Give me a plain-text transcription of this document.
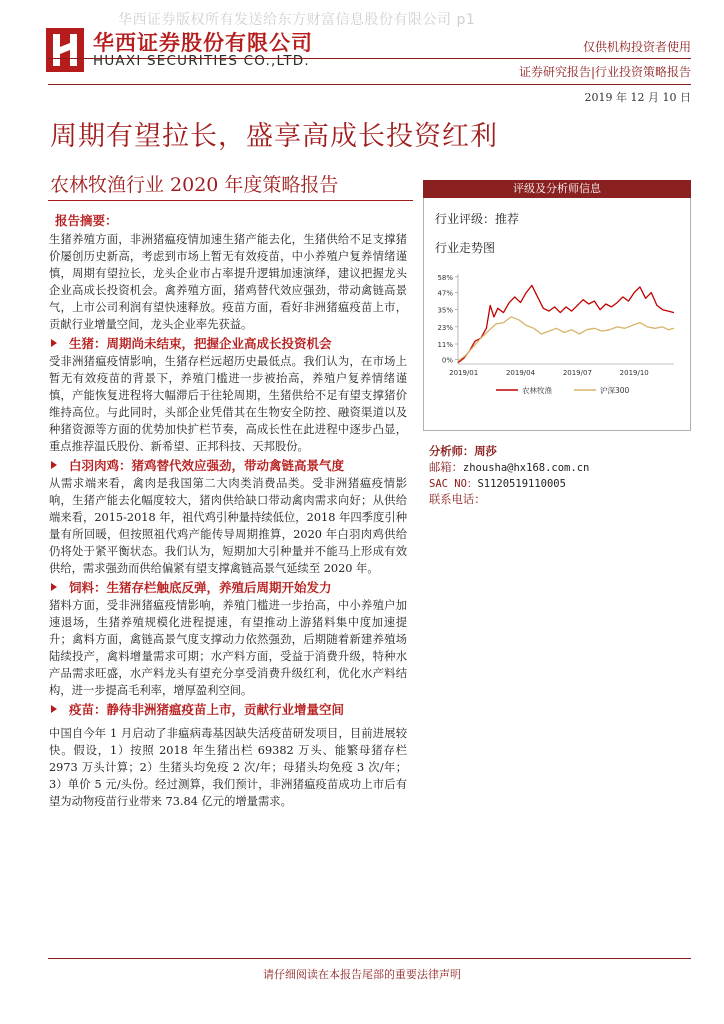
华西证券版权所有发送给东方财富信息股份有限公司 p1
华西证券股份有限公司
HUAXI SECURITIES CO.,LTD.
仅供机构投资者使用
证券研究报告|行业投资策略报告
2019 年 12 月 10 日
周期有望拉长，盛享高成长投资红利
农林牧渔行业 2020 年度策略报告
报告摘要：

生猪养殖方面，非洲猪瘟疫情加速生猪产能去化，生猪供给不足支撑猪价屡创历史新高，考虑到市场上暂无有效疫苗，中小养殖户复养情绪谨慎，周期有望拉长，龙头企业市占率提升逻辑加速演绎，建议把握龙头企业高成长投资机会。禽养殖方面，猪鸡替代效应强劲，带动禽链高景气，上市公司利润有望快速释放。疫苗方面，看好非洲猪瘟疫苗上市，贡献行业增量空间，龙头企业率先获益。

生猪：周期尚未结束，把握企业高成长投资机会

受非洲猪瘟疫情影响，生猪存栏远超历史最低点。我们认为，在市场上暂无有效疫苗的背景下，养殖门槛进一步被抬高，养殖户复养情绪谨慎，产能恢复进程将大幅滞后于往轮周期，生猪供给不足有望支撑猪价维持高位。与此同时，头部企业凭借其在生物安全防控、融资渠道以及种猪资源等方面的优势加快扩栏节奏，高成长性在此进程中逐步凸显，重点推荐温氏股份、新希望、正邦科技、天邦股份。

白羽肉鸡：猪鸡替代效应强劲，带动禽链高景气度

从需求端来看，禽肉是我国第二大肉类消费品类。受非洲猪瘟疫情影响，生猪产能去化幅度较大，猪肉供给缺口带动禽肉需求向好；从供给端来看，2015-2018 年，祖代鸡引种量持续低位，2018 年四季度引种量有所回暖，但按照祖代鸡产能传导周期推算，2020 年白羽肉鸡供给仍将处于紧平衡状态。我们认为，短期加大引种量并不能马上形成有效供给，需求强劲而供给偏紧有望支撑禽链高景气延续至 2020 年。

饲料：生猪存栏触底反弹，养殖后周期开始发力

猪料方面，受非洲猪瘟疫情影响，养殖门槛进一步抬高，中小养殖户加速退场，生猪养殖规模化进程提速，有望推动上游猪料集中度加速提升；禽料方面，禽链高景气度支撑动力依然强劲，后期随着新建养殖场陆续投产，禽料增量需求可期；水产料方面，受益于消费升级，特种水产品需求旺盛，水产料龙头有望充分享受消费升级红利，优化水产料结构，进一步提高毛利率，增厚盈利空间。

疫苗：静待非洲猪瘟疫苗上市，贡献行业增量空间

中国自今年 1 月启动了非瘟病毒基因缺失活疫苗研发项目，目前进展较快。假设，1）按照 2018 年生猪出栏 69382 万头、能繁母猪存栏 2973 万头计算；2）生猪头均免疫 2 次/年；母猪头均免疫 3 次/年；3）单价 5 元/头份。经过测算，我们预计，非洲猪瘟疫苗成功上市后有望为动物疫苗行业带来 73.84 亿元的增量需求。

评级及分析师信息
行业评级：推荐
行业走势图
0%
11%
23%
35%
47%
58%
2019/01	2019/04	2019/07	2019/10
农林牧渔	沪深300
分析师：周莎
邮箱：zhousha@hx168.com.cn
SAC NO：S1120519110005
联系电话：
请仔细阅读在本报告尾部的重要法律声明
